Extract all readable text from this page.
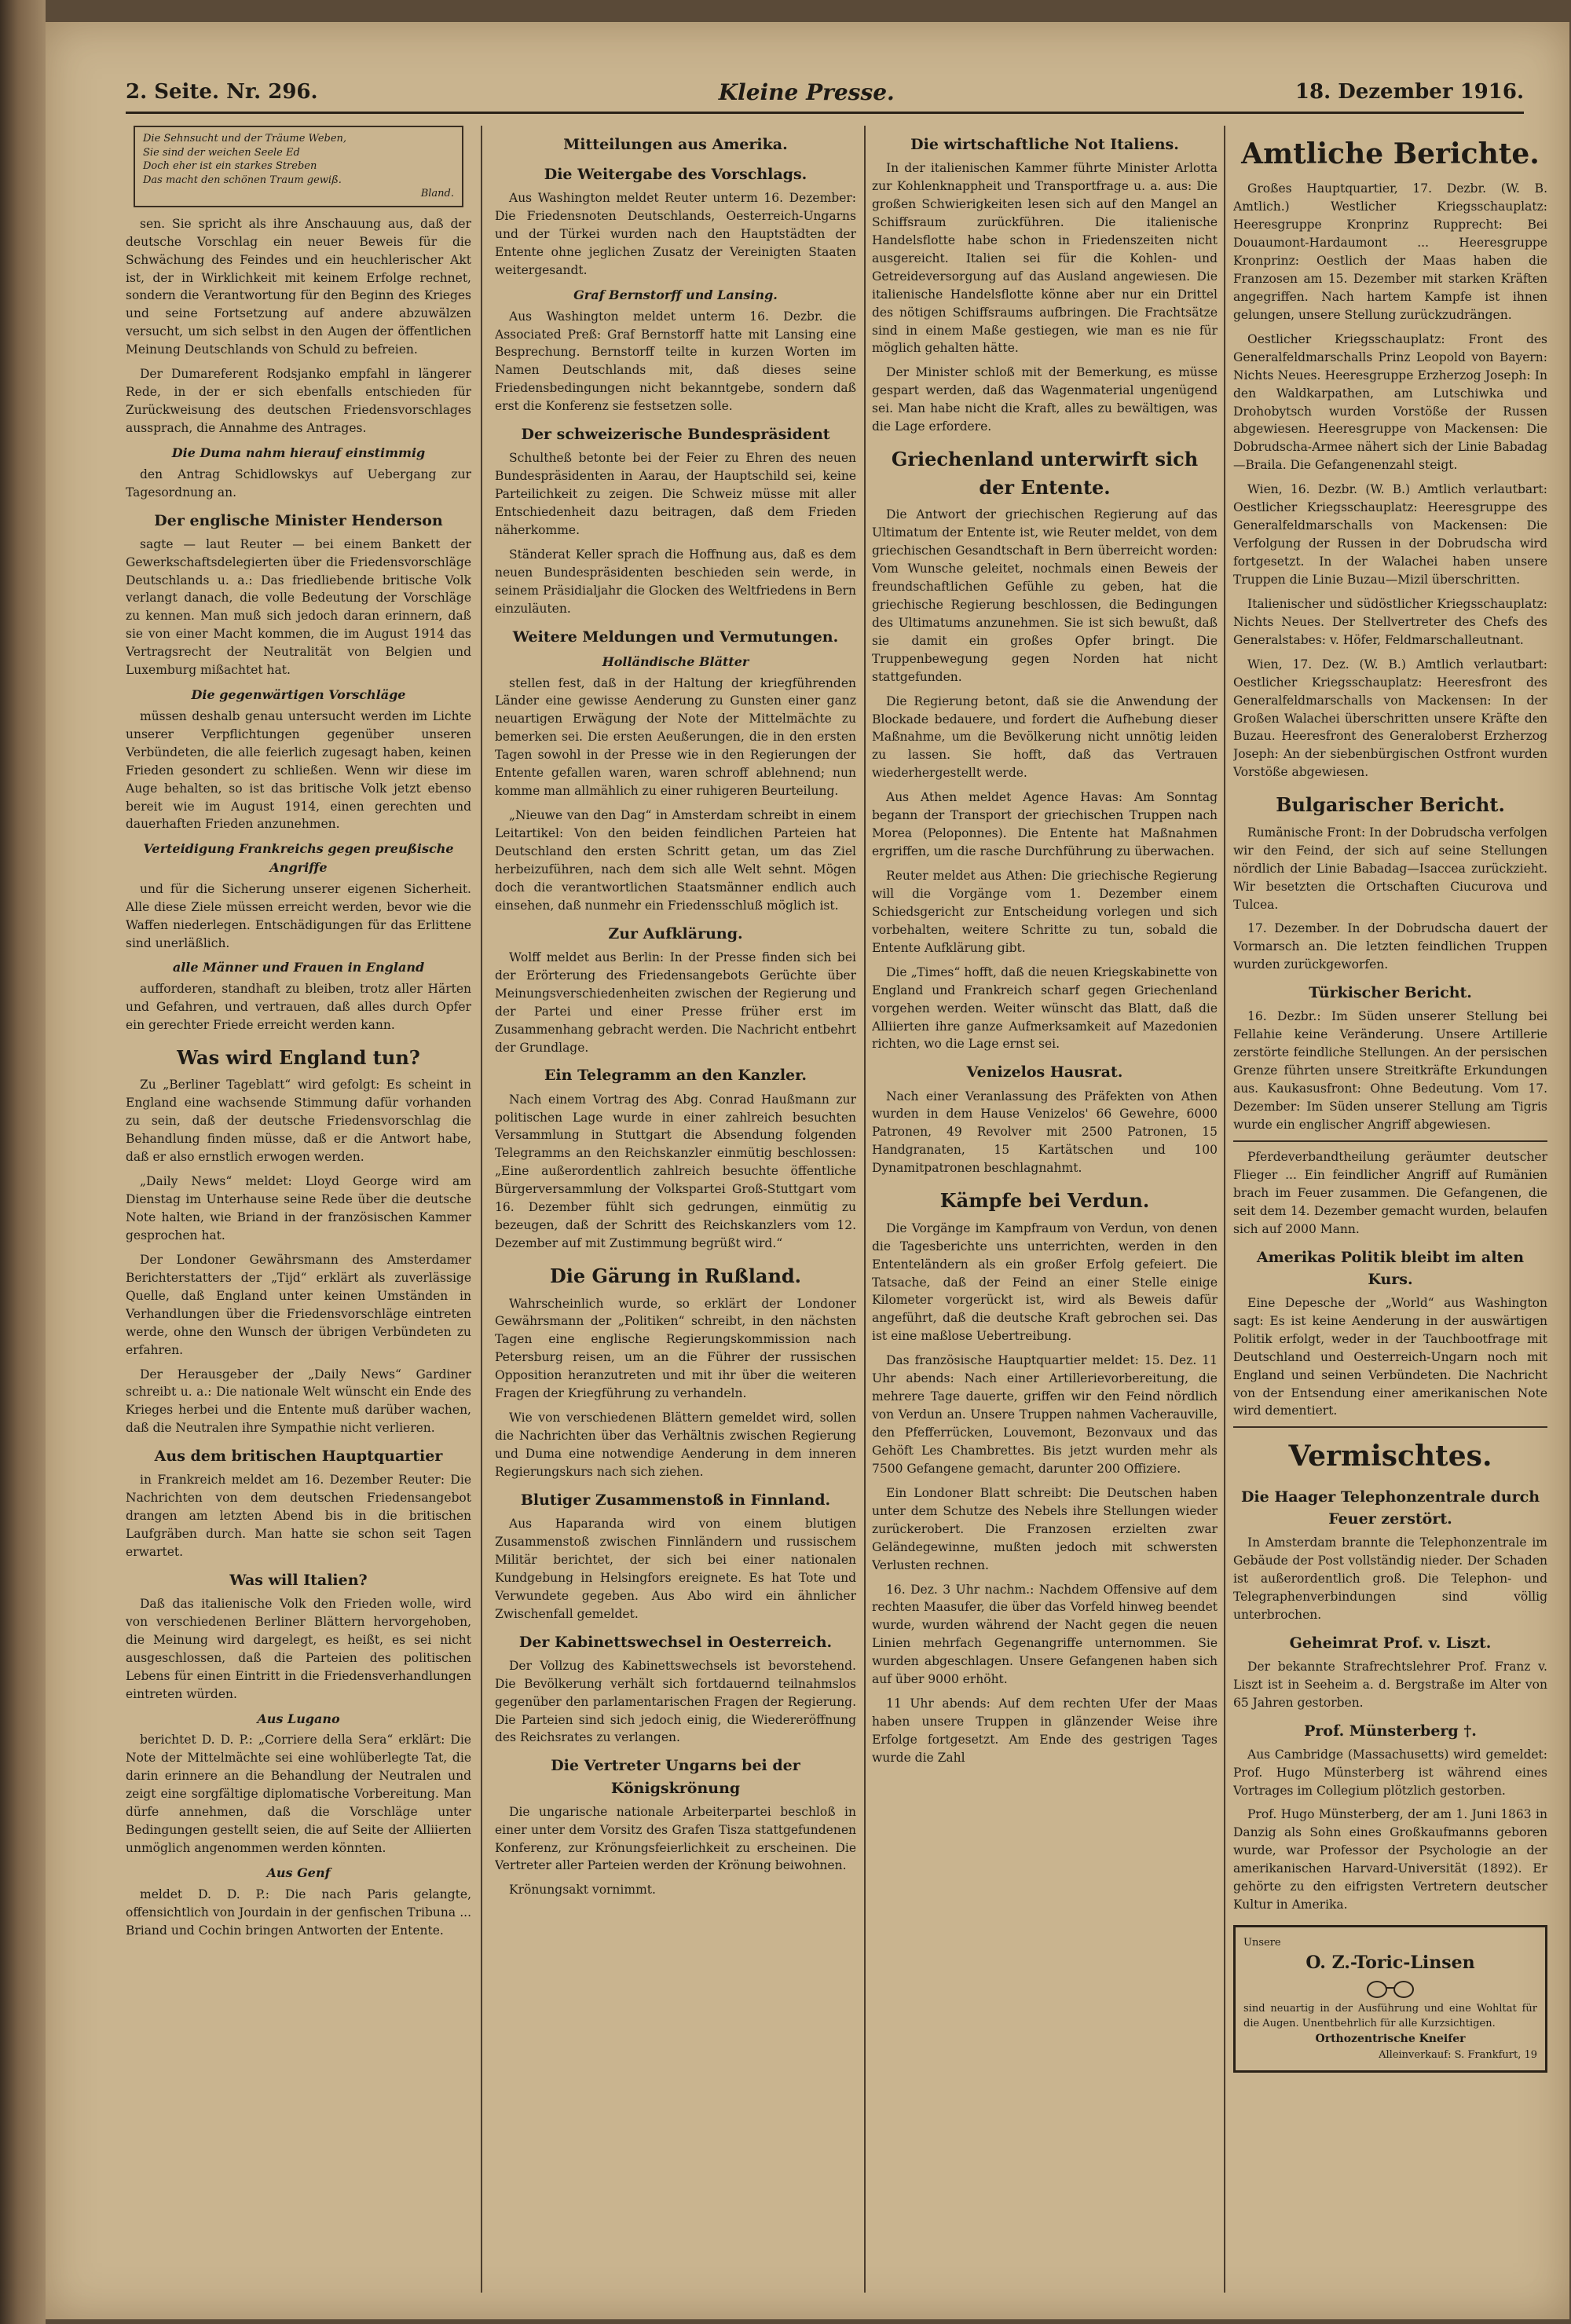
2. Seite. Nr. 296.	Kleine Presse.	18. Dezember 1916.
Die Sehnsucht und der Träume Weben,
Sie sind der weichen Seele Ed
Doch eher ist ein starkes Streben
Das macht den schönen Traum gewiß.
Bland.

sen. Sie spricht als ihre Anschauung aus, daß der deutsche Vorschlag ein neuer Beweis für die Schwächung des Feindes und ein heuchlerischer Akt ist, der in Wirklichkeit mit keinem Erfolge rechnet, sondern die Verantwortung für den Beginn des Krieges und seine Fortsetzung auf andere abzuwälzen versucht, um sich selbst in den Augen der öffentlichen Meinung Deutschlands von Schuld zu befreien.

Der Dumareferent Rodsjanko empfahl in längerer Rede, in der er sich ebenfalls entschieden für Zurückweisung des deutschen Friedensvorschlages aussprach, die Annahme des Antrages.

Die Duma nahm hierauf einstimmig

den Antrag Schidlowskys auf Uebergang zur Tagesordnung an.

Der englische Minister Henderson

sagte — laut Reuter — bei einem Bankett der Gewerkschaftsdelegierten über die Friedensvorschläge Deutschlands u. a.: Das friedliebende britische Volk verlangt danach, die volle Bedeutung der Vorschläge zu kennen. Man muß sich jedoch daran erinnern, daß sie von einer Macht kommen, die im August 1914 das Vertragsrecht der Neutralität von Belgien und Luxemburg mißachtet hat.

Die gegenwärtigen Vorschläge

müssen deshalb genau untersucht werden im Lichte unserer Verpflichtungen gegenüber unseren Verbündeten, die alle feierlich zugesagt haben, keinen Frieden gesondert zu schließen. Wenn wir diese im Auge behalten, so ist das britische Volk jetzt ebenso bereit wie im August 1914, einen gerechten und dauerhaften Frieden anzunehmen.

Verteidigung Frankreichs gegen preußische Angriffe

und für die Sicherung unserer eigenen Sicherheit. Alle diese Ziele müssen erreicht werden, bevor wie die Waffen niederlegen. Entschädigungen für das Erlittene sind unerläßlich.

alle Männer und Frauen in England

aufforderen, standhaft zu bleiben, trotz aller Härten und Gefahren, und vertrauen, daß alles durch Opfer ein gerechter Friede erreicht werden kann.

Was wird England tun?

Zu „Berliner Tageblatt“ wird gefolgt: Es scheint in England eine wachsende Stimmung dafür vorhanden zu sein, daß der deutsche Friedensvorschlag die Behandlung finden müsse, daß er die Antwort habe, daß er also ernstlich erwogen werden.

„Daily News“ meldet: Lloyd George wird am Dienstag im Unterhause seine Rede über die deutsche Note halten, wie Briand in der französischen Kammer gesprochen hat.

Der Londoner Gewährsmann des Amsterdamer Berichterstatters der „Tijd“ erklärt als zuverlässige Quelle, daß England unter keinen Umständen in Verhandlungen über die Friedensvorschläge eintreten werde, ohne den Wunsch der übrigen Verbündeten zu erfahren.

Der Herausgeber der „Daily News“ Gardiner schreibt u. a.: Die nationale Welt wünscht ein Ende des Krieges herbei und die Entente muß darüber wachen, daß die Neutralen ihre Sympathie nicht verlieren.

Aus dem britischen Hauptquartier

in Frankreich meldet am 16. Dezember Reuter: Die Nachrichten von dem deutschen Friedensangebot drangen am letzten Abend bis in die britischen Laufgräben durch. Man hatte sie schon seit Tagen erwartet.

Was will Italien?

Daß das italienische Volk den Frieden wolle, wird von verschiedenen Berliner Blättern hervorgehoben, die Meinung wird dargelegt, es heißt, es sei nicht ausgeschlossen, daß die Parteien des politischen Lebens für einen Eintritt in die Friedensverhandlungen eintreten würden.

Aus Lugano

berichtet D. D. P.: „Corriere della Sera“ erklärt: Die Note der Mittelmächte sei eine wohlüberlegte Tat, die darin erinnere an die Behandlung der Neutralen und zeigt eine sorgfältige diplomatische Vorbereitung. Man dürfe annehmen, daß die Vorschläge unter Bedingungen gestellt seien, die auf Seite der Alliierten unmöglich angenommen werden könnten.

Aus Genf

meldet D. D. P.: Die nach Paris gelangte, offensichtlich von Jourdain in der genfischen Tribuna ... Briand und Cochin bringen Antworten der Entente.

Mitteilungen aus Amerika.
Die Weitergabe des Vorschlags.

Aus Washington meldet Reuter unterm 16. Dezember: Die Friedensnoten Deutschlands, Oesterreich-Ungarns und der Türkei wurden nach den Hauptstädten der Entente ohne jeglichen Zusatz der Vereinigten Staaten weitergesandt.

Graf Bernstorff und Lansing.

Aus Washington meldet unterm 16. Dezbr. die Associated Preß: Graf Bernstorff hatte mit Lansing eine Besprechung. Bernstorff teilte in kurzen Worten im Namen Deutschlands mit, daß dieses seine Friedensbedingungen nicht bekanntgebe, sondern daß erst die Konferenz sie festsetzen solle.

Der schweizerische Bundespräsident

Schultheß betonte bei der Feier zu Ehren des neuen Bundespräsidenten in Aarau, der Hauptschild sei, keine Parteilichkeit zu zeigen. Die Schweiz müsse mit aller Entschiedenheit dazu beitragen, daß dem Frieden näherkomme.

Ständerat Keller sprach die Hoffnung aus, daß es dem neuen Bundespräsidenten beschieden sein werde, in seinem Präsidialjahr die Glocken des Weltfriedens in Bern einzuläuten.

Weitere Meldungen und Vermutungen.
Holländische Blätter

stellen fest, daß in der Haltung der kriegführenden Länder eine gewisse Aenderung zu Gunsten einer ganz neuartigen Erwägung der Note der Mittelmächte zu bemerken sei. Die ersten Aeußerungen, die in den ersten Tagen sowohl in der Presse wie in den Regierungen der Entente gefallen waren, waren schroff ablehnend; nun komme man allmählich zu einer ruhigeren Beurteilung.

„Nieuwe van den Dag“ in Amsterdam schreibt in einem Leitartikel: Von den beiden feindlichen Parteien hat Deutschland den ersten Schritt getan, um das Ziel herbeizuführen, nach dem sich alle Welt sehnt. Mögen doch die verantwortlichen Staatsmänner endlich auch einsehen, daß nunmehr ein Friedensschluß möglich ist.

Zur Aufklärung.

Wolff meldet aus Berlin: In der Presse finden sich bei der Erörterung des Friedensangebots Gerüchte über Meinungsverschiedenheiten zwischen der Regierung und der Partei und einer Presse früher erst im Zusammenhang gebracht werden. Die Nachricht entbehrt der Grundlage.

Ein Telegramm an den Kanzler.

Nach einem Vortrag des Abg. Conrad Haußmann zur politischen Lage wurde in einer zahlreich besuchten Versammlung in Stuttgart die Absendung folgenden Telegramms an den Reichskanzler einmütig beschlossen: „Eine außerordentlich zahlreich besuchte öffentliche Bürgerversammlung der Volkspartei Groß-Stuttgart vom 16. Dezember fühlt sich gedrungen, einmütig zu bezeugen, daß der Schritt des Reichskanzlers vom 12. Dezember auf mit Zustimmung begrüßt wird.“

Die Gärung in Rußland.

Wahrscheinlich wurde, so erklärt der Londoner Gewährsmann der „Politiken“ schreibt, in den nächsten Tagen eine englische Regierungskommission nach Petersburg reisen, um an die Führer der russischen Opposition heranzutreten und mit ihr über die weiteren Fragen der Kriegführung zu verhandeln.

Wie von verschiedenen Blättern gemeldet wird, sollen die Nachrichten über das Verhältnis zwischen Regierung und Duma eine notwendige Aenderung in dem inneren Regierungskurs nach sich ziehen.

Blutiger Zusammenstoß in Finnland.

Aus Haparanda wird von einem blutigen Zusammenstoß zwischen Finnländern und russischem Militär berichtet, der sich bei einer nationalen Kundgebung in Helsingfors ereignete. Es hat Tote und Verwundete gegeben. Aus Abo wird ein ähnlicher Zwischenfall gemeldet.

Der Kabinettswechsel in Oesterreich.

Der Vollzug des Kabinettswechsels ist bevorstehend. Die Bevölkerung verhält sich fortdauernd teilnahmslos gegenüber den parlamentarischen Fragen der Regierung. Die Parteien sind sich jedoch einig, die Wiedereröffnung des Reichsrates zu verlangen.

Die Vertreter Ungarns bei der Königskrönung

Die ungarische nationale Arbeiterpartei beschloß in einer unter dem Vorsitz des Grafen Tisza stattgefundenen Konferenz, zur Krönungsfeierlichkeit zu erscheinen. Die Vertreter aller Parteien werden der Krönung beiwohnen.

Krönungsakt vornimmt.

Die wirtschaftliche Not Italiens.

In der italienischen Kammer führte Minister Arlotta zur Kohlenknappheit und Transportfrage u. a. aus: Die großen Schwierigkeiten lesen sich auf den Mangel an Schiffsraum zurückführen. Die italienische Handelsflotte habe schon in Friedenszeiten nicht ausgereicht. Italien sei für die Kohlen- und Getreideversorgung auf das Ausland angewiesen. Die italienische Handelsflotte könne aber nur ein Drittel des nötigen Schiffsraums aufbringen. Die Frachtsätze sind in einem Maße gestiegen, wie man es nie für möglich gehalten hätte.

Der Minister schloß mit der Bemerkung, es müsse gespart werden, daß das Wagenmaterial ungenügend sei. Man habe nicht die Kraft, alles zu bewältigen, was die Lage erfordere.

Griechenland unterwirft sich der Entente.

Die Antwort der griechischen Regierung auf das Ultimatum der Entente ist, wie Reuter meldet, von dem griechischen Gesandtschaft in Bern überreicht worden: Vom Wunsche geleitet, nochmals einen Beweis der freundschaftlichen Gefühle zu geben, hat die griechische Regierung beschlossen, die Bedingungen des Ultimatums anzunehmen. Sie ist sich bewußt, daß sie damit ein großes Opfer bringt. Die Truppenbewegung gegen Norden hat nicht stattgefunden.

Die Regierung betont, daß sie die Anwendung der Blockade bedauere, und fordert die Aufhebung dieser Maßnahme, um die Bevölkerung nicht unnötig leiden zu lassen. Sie hofft, daß das Vertrauen wiederhergestellt werde.

Aus Athen meldet Agence Havas: Am Sonntag begann der Transport der griechischen Truppen nach Morea (Peloponnes). Die Entente hat Maßnahmen ergriffen, um die rasche Durchführung zu überwachen.

Reuter meldet aus Athen: Die griechische Regierung will die Vorgänge vom 1. Dezember einem Schiedsgericht zur Entscheidung vorlegen und sich vorbehalten, weitere Schritte zu tun, sobald die Entente Aufklärung gibt.

Die „Times“ hofft, daß die neuen Kriegskabinette von England und Frankreich scharf gegen Griechenland vorgehen werden. Weiter wünscht das Blatt, daß die Alliierten ihre ganze Aufmerksamkeit auf Mazedonien richten, wo die Lage ernst sei.

Venizelos Hausrat.

Nach einer Veranlassung des Präfekten von Athen wurden in dem Hause Venizelos' 66 Gewehre, 6000 Patronen, 49 Revolver mit 2500 Patronen, 15 Handgranaten, 15 Kartätschen und 100 Dynamitpatronen beschlagnahmt.

Kämpfe bei Verdun.

Die Vorgänge im Kampfraum von Verdun, von denen die Tagesberichte uns unterrichten, werden in den Ententeländern als ein großer Erfolg gefeiert. Die Tatsache, daß der Feind an einer Stelle einige Kilometer vorgerückt ist, wird als Beweis dafür angeführt, daß die deutsche Kraft gebrochen sei. Das ist eine maßlose Uebertreibung.

Das französische Hauptquartier meldet: 15. Dez. 11 Uhr abends: Nach einer Artillerievorbereitung, die mehrere Tage dauerte, griffen wir den Feind nördlich von Verdun an. Unsere Truppen nahmen Vacherauville, den Pfefferrücken, Louvemont, Bezonvaux und das Gehöft Les Chambrettes. Bis jetzt wurden mehr als 7500 Gefangene gemacht, darunter 200 Offiziere.

Ein Londoner Blatt schreibt: Die Deutschen haben unter dem Schutze des Nebels ihre Stellungen wieder zurückerobert. Die Franzosen erzielten zwar Geländegewinne, mußten jedoch mit schwersten Verlusten rechnen.

16. Dez. 3 Uhr nachm.: Nachdem Offensive auf dem rechten Maasufer, die über das Vorfeld hinweg beendet wurde, wurden während der Nacht gegen die neuen Linien mehrfach Gegenangriffe unternommen. Sie wurden abgeschlagen. Unsere Gefangenen haben sich auf über 9000 erhöht.

11 Uhr abends: Auf dem rechten Ufer der Maas haben unsere Truppen in glänzender Weise ihre Erfolge fortgesetzt. Am Ende des gestrigen Tages wurde die Zahl

Amtliche Berichte.

Großes Hauptquartier, 17. Dezbr. (W. B. Amtlich.) Westlicher Kriegsschauplatz: Heeresgruppe Kronprinz Rupprecht: Bei Douaumont-Hardaumont ... Heeresgruppe Kronprinz: Oestlich der Maas haben die Franzosen am 15. Dezember mit starken Kräften angegriffen. Nach hartem Kampfe ist ihnen gelungen, unsere Stellung zurückzudrängen.

Oestlicher Kriegsschauplatz: Front des Generalfeldmarschalls Prinz Leopold von Bayern: Nichts Neues. Heeresgruppe Erzherzog Joseph: In den Waldkarpathen, am Lutschiwka und Drohobytsch wurden Vorstöße der Russen abgewiesen. Heeresgruppe von Mackensen: Die Dobrudscha-Armee nähert sich der Linie Babadag—Braila. Die Gefangenenzahl steigt.

Wien, 16. Dezbr. (W. B.) Amtlich verlautbart: Oestlicher Kriegsschauplatz: Heeresgruppe des Generalfeldmarschalls von Mackensen: Die Verfolgung der Russen in der Dobrudscha wird fortgesetzt. In der Walachei haben unsere Truppen die Linie Buzau—Mizil überschritten.

Italienischer und südöstlicher Kriegsschauplatz: Nichts Neues. Der Stellvertreter des Chefs des Generalstabes: v. Höfer, Feldmarschalleutnant.

Wien, 17. Dez. (W. B.) Amtlich verlautbart: Oestlicher Kriegsschauplatz: Heeresfront des Generalfeldmarschalls von Mackensen: In der Großen Walachei überschritten unsere Kräfte den Buzau. Heeresfront des Generaloberst Erzherzog Joseph: An der siebenbürgischen Ostfront wurden Vorstöße abgewiesen.

Bulgarischer Bericht.

Rumänische Front: In der Dobrudscha verfolgen wir den Feind, der sich auf seine Stellungen nördlich der Linie Babadag—Isaccea zurückzieht. Wir besetzten die Ortschaften Ciucurova und Tulcea.

17. Dezember. In der Dobrudscha dauert der Vormarsch an. Die letzten feindlichen Truppen wurden zurückgeworfen.

Türkischer Bericht.

16. Dezbr.: Im Süden unserer Stellung bei Fellahie keine Veränderung. Unsere Artillerie zerstörte feindliche Stellungen. An der persischen Grenze führten unsere Streitkräfte Erkundungen aus. Kaukasusfront: Ohne Bedeutung. Vom 17. Dezember: Im Süden unserer Stellung am Tigris wurde ein englischer Angriff abgewiesen.

Pferdeverbandtheilung geräumter deutscher Flieger ... Ein feindlicher Angriff auf Rumänien brach im Feuer zusammen. Die Gefangenen, die seit dem 14. Dezember gemacht wurden, belaufen sich auf 2000 Mann.

Amerikas Politik bleibt im alten Kurs.

Eine Depesche der „World“ aus Washington sagt: Es ist keine Aenderung in der auswärtigen Politik erfolgt, weder in der Tauchbootfrage mit Deutschland und Oesterreich-Ungarn noch mit England und seinen Verbündeten. Die Nachricht von der Entsendung einer amerikanischen Note wird dementiert.

Vermischtes.
Die Haager Telephonzentrale durch Feuer zerstört.

In Amsterdam brannte die Telephonzentrale im Gebäude der Post vollständig nieder. Der Schaden ist außerordentlich groß. Die Telephon- und Telegraphenverbindungen sind völlig unterbrochen.

Geheimrat Prof. v. Liszt.

Der bekannte Strafrechtslehrer Prof. Franz v. Liszt ist in Seeheim a. d. Bergstraße im Alter von 65 Jahren gestorben.

Prof. Münsterberg †.

Aus Cambridge (Massachusetts) wird gemeldet: Prof. Hugo Münsterberg ist während eines Vortrages im Collegium plötzlich gestorben.

Prof. Hugo Münsterberg, der am 1. Juni 1863 in Danzig als Sohn eines Großkaufmanns geboren wurde, war Professor der Psychologie an der amerikanischen Harvard-Universität (1892). Er gehörte zu den eifrigsten Vertretern deutscher Kultur in Amerika.

Unsere
O. Z.-Toric-Linsen
sind neuartig in der Ausführung und eine Wohltat für die Augen. Unentbehrlich für alle Kurzsichtigen.
Orthozentrische Kneifer
Alleinverkauf: S. Frankfurt, 19
